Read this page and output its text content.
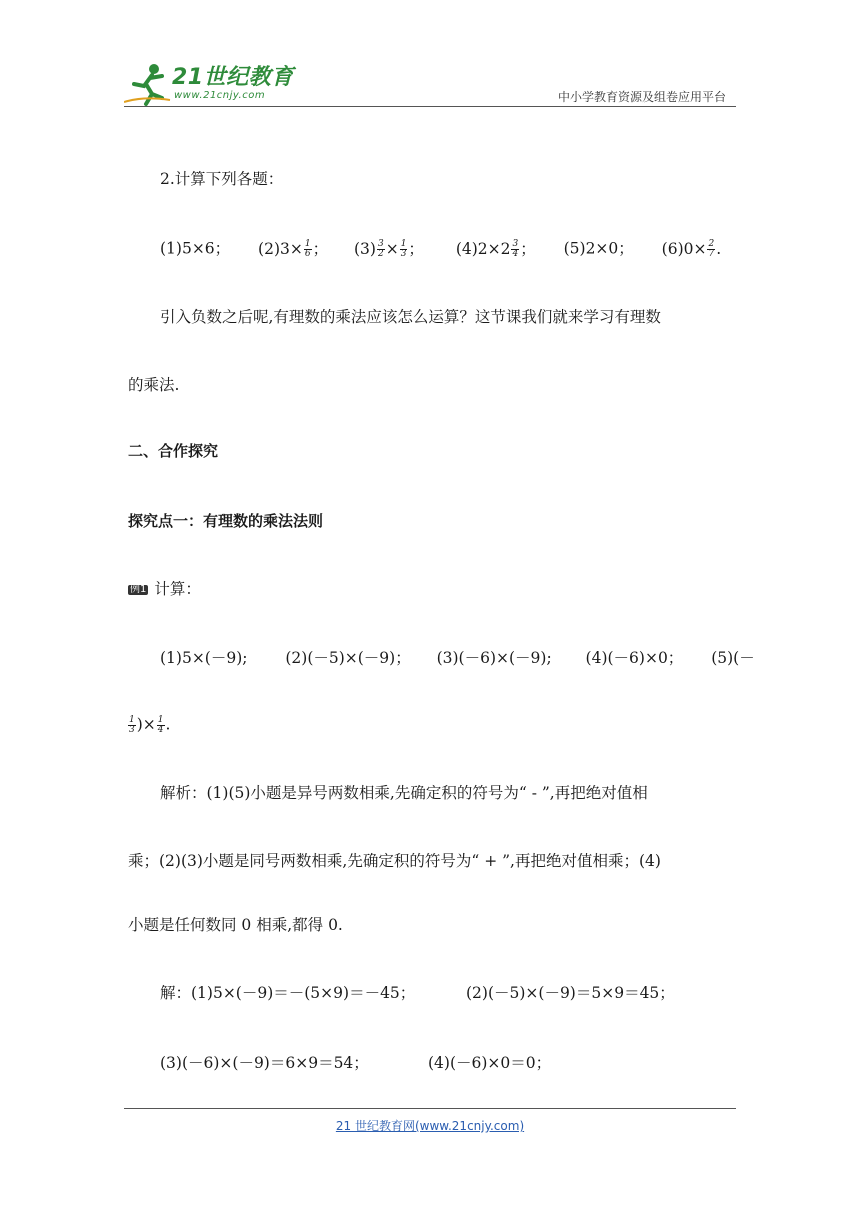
21世纪教育
www.21cnjy.com	中小学教育资源及组卷应用平台
2.计算下列各题：
(1)5×6； $(2)3\times \frac{1}{6}$ ； $(3) \frac{3}{2} \times \frac{1}{3}$ ； $(4)2\times 2 \frac{3}{4}$ ； (5)2×0； $(6)0\times \frac{2}{7}$ .
引入负数之后呢,有理数的乘法应该怎么运算？这节课我们就来学习有理数
的乘法.
二、合作探究
探究点一：有理数的乘法法则
例1 计算：
(1)5×(－9); (2)(－5)×(－9)； (3)(－6)×(－9); (4)(－6)×0； (5)(－
$\frac{1}{3}$ )× $\frac{1}{4}$ .
解析：(1)(5)小题是异号两数相乘,先确定积的符号为“ - ”,再把绝对值相
乘；(2)(3)小题是同号两数相乘,先确定积的符号为“ + ”,再把绝对值相乘；(4)
小题是任何数同 0 相乘,都得 0.
解：(1)5×(－9)＝－(5×9)＝－45；	(2)(－5)×(－9)＝5×9＝45；
(3)(－6)×(－9)＝6×9＝54；	(4)(－6)×0＝0；
21 世纪教育网(www.21cnjy.com)
